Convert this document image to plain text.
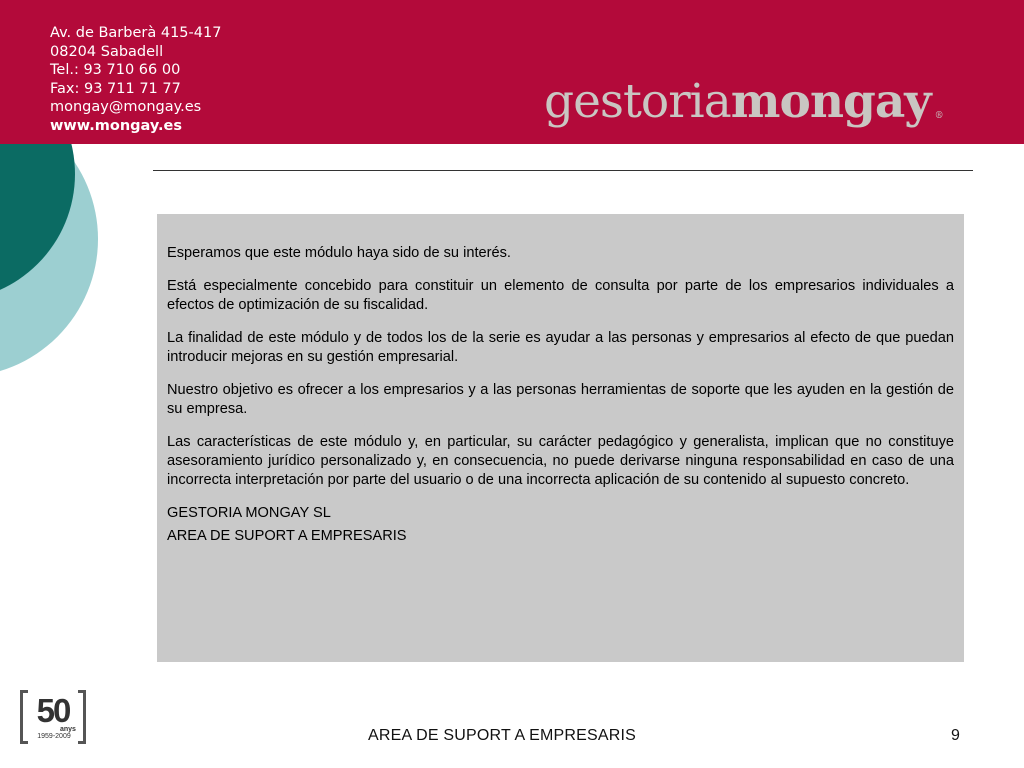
Av. de Barberà 415-417
08204 Sabadell
Tel.: 93 710 66 00
Fax: 93 711 71 77
mongay@mongay.es
www.mongay.es	gestoriamongay ®

Esperamos que este módulo haya sido de su interés.

Está especialmente concebido para constituir un elemento de consulta por parte de los empresarios individuales a efectos de optimización de su fiscalidad.

La finalidad de este módulo y de todos los de la serie es ayudar a las personas y empresarios al efecto de que puedan introducir mejoras en su gestión empresarial.

Nuestro objetivo es ofrecer a los empresarios y a las personas herramientas de soporte que les ayuden en la gestión de su empresa.

Las características de este módulo y, en particular, su carácter pedagógico y generalista, implican que no constituye asesoramiento jurídico personalizado y, en consecuencia, no puede derivarse ninguna responsabilidad en caso de una incorrecta interpretación por parte del usuario o de una incorrecta aplicación de su contenido al supuesto concreto.

GESTORIA MONGAY SL

AREA DE SUPORT A EMPRESARIS

50
anys
1959-2009	AREA DE SUPORT A EMPRESARIS	9
